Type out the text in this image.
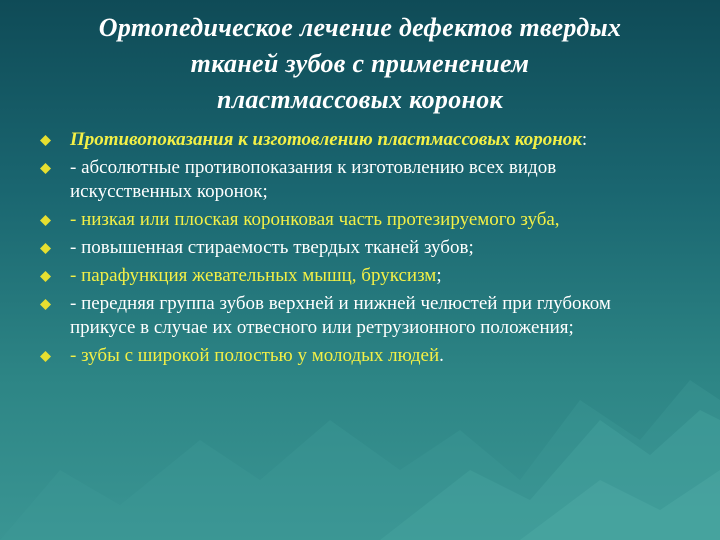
Ортопедическое лечение дефектов твердых
тканей зубов с применением
пластмассовых коронок
Противопоказания к изготовлению пластмассовых коронок:
- абсолютные противопоказания к изготовлению всех видов искусственных коронок;
- низкая или плоская коронковая часть протезируемого зуба,
- повышенная стираемость твердых тканей зубов;
- парафункция жевательных мышц, бруксизм;
- передняя группа зубов верхней и нижней челюстей при глубоком прикусе в случае их отвесного или ретрузионного положения;
- зубы с широкой полостью у молодых людей.
